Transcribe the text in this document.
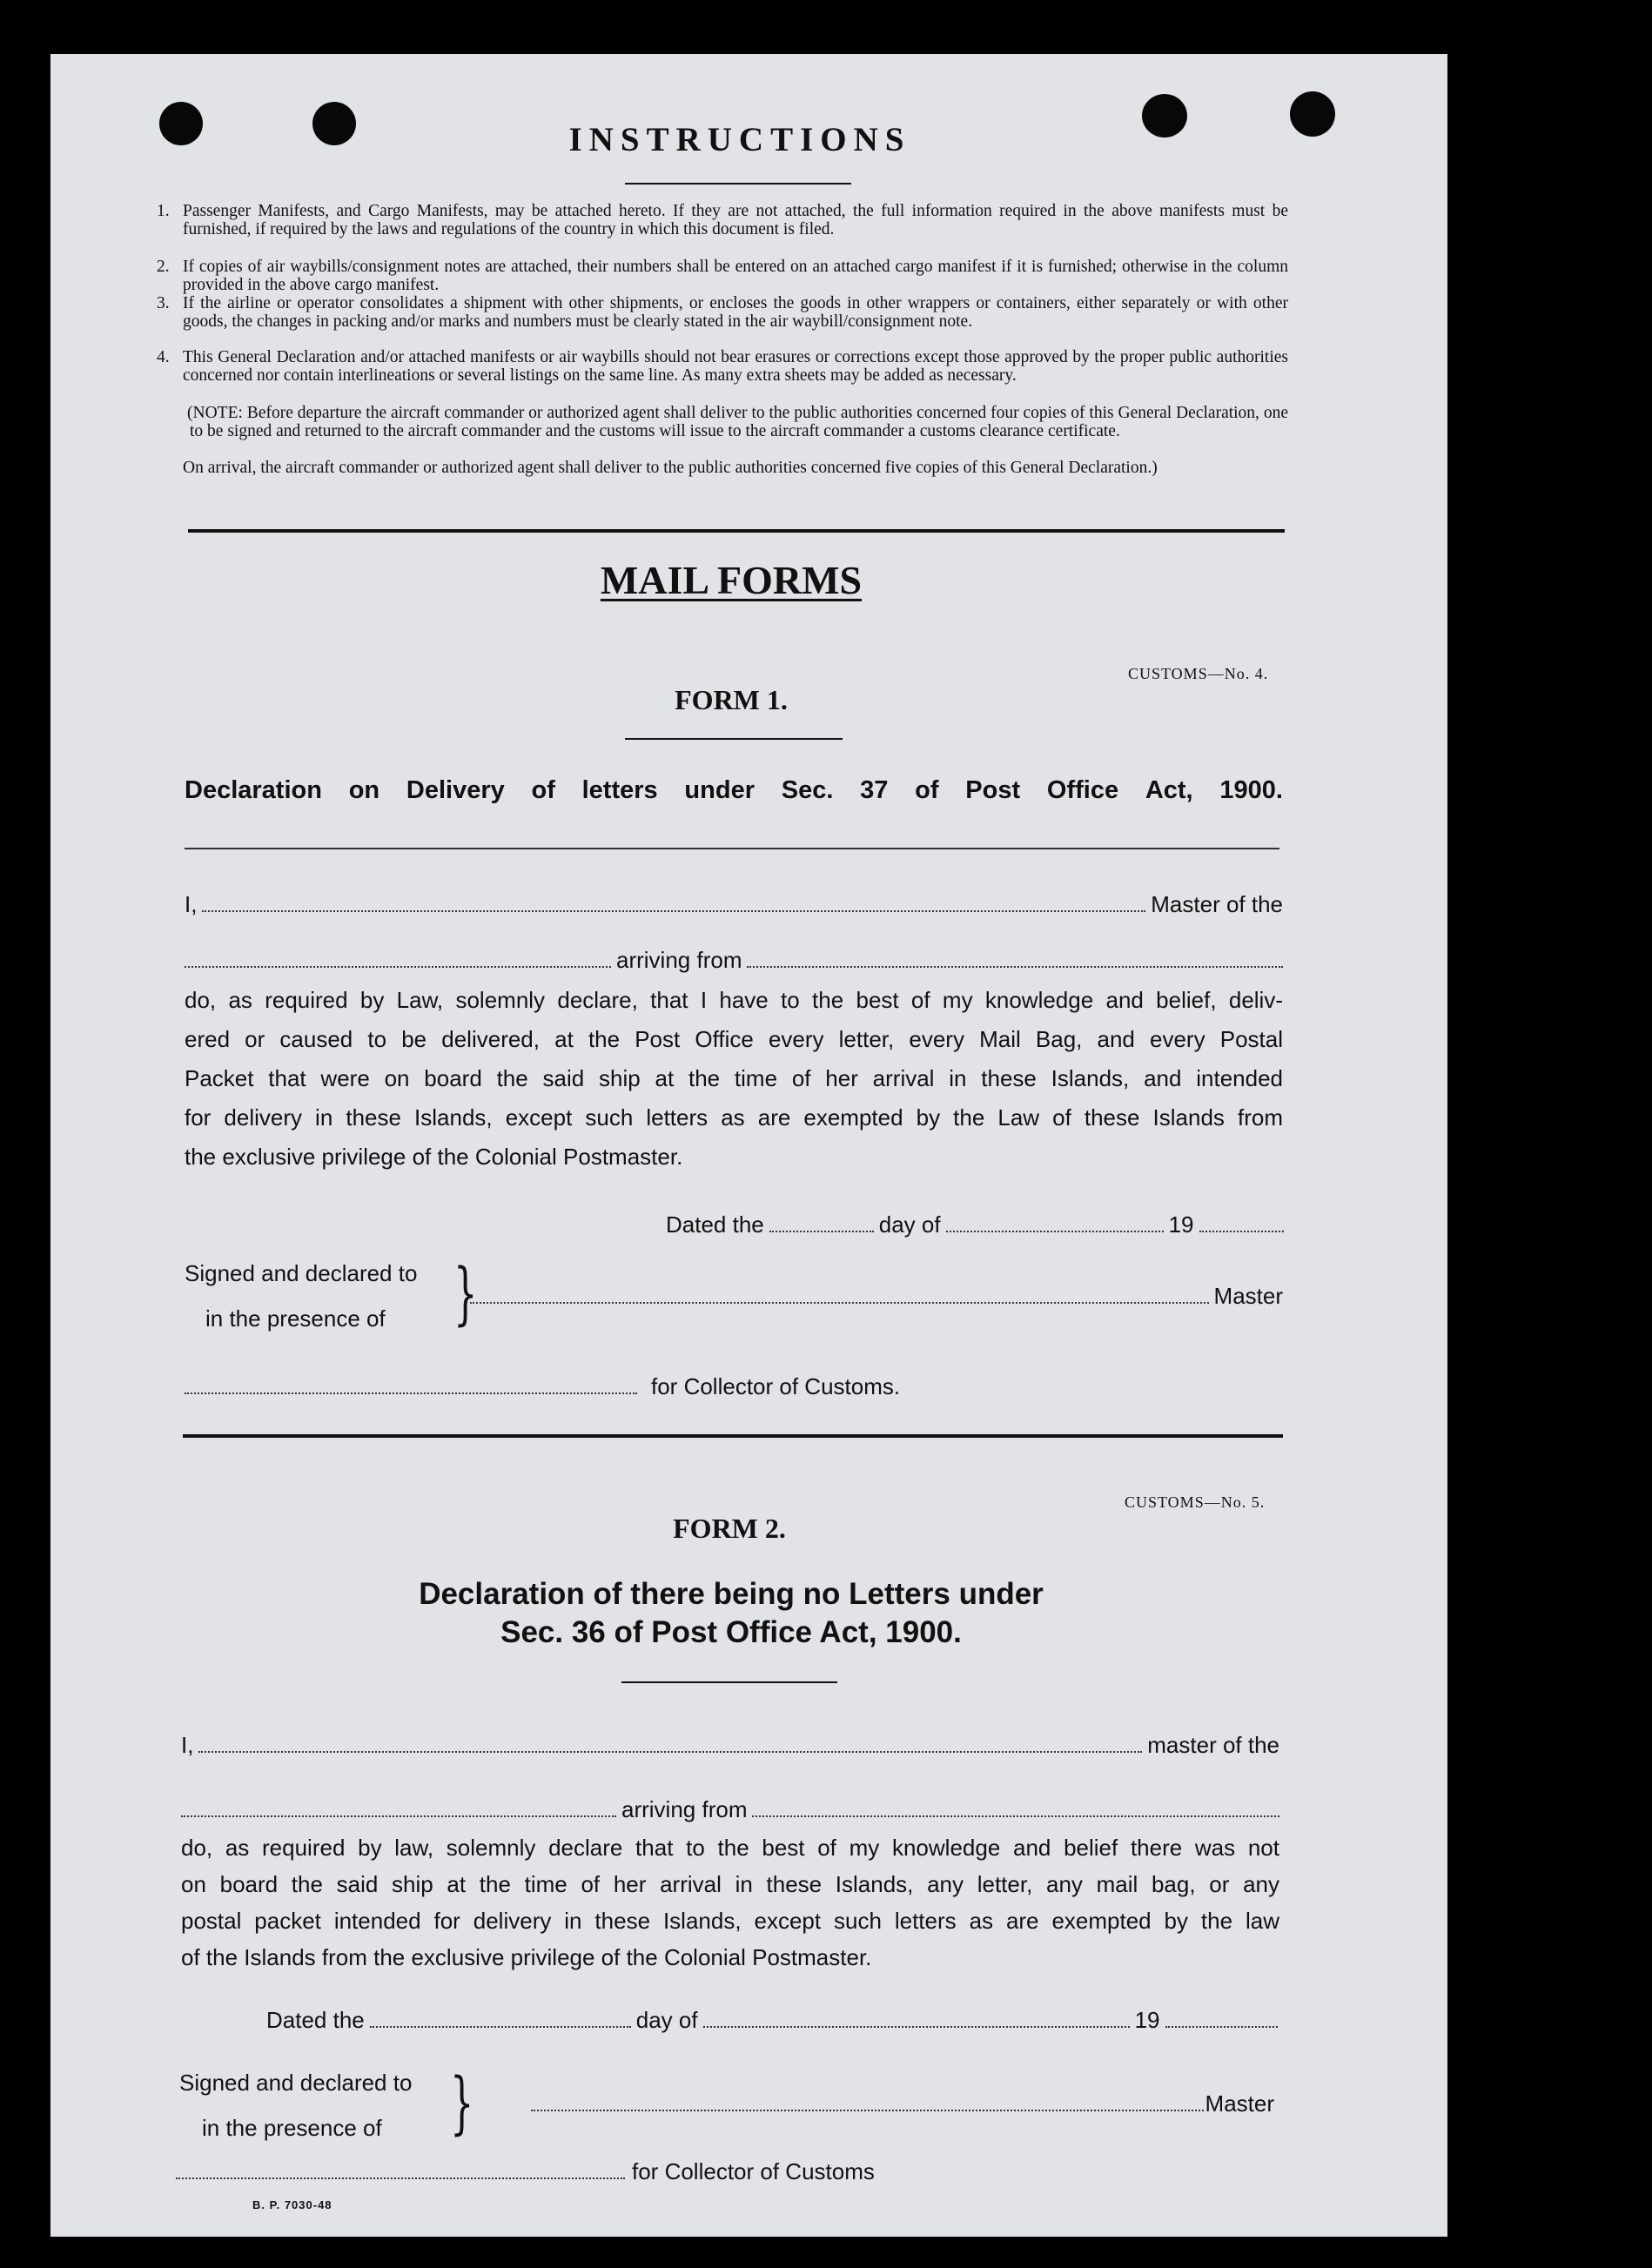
INSTRUCTIONS
1. Passenger Manifests, and Cargo Manifests, may be attached hereto. If they are not attached, the full information required in the above manifests must be furnished, if required by the laws and regulations of the country in which this document is filed.
2. If copies of air waybills/consignment notes are attached, their numbers shall be entered on an attached cargo manifest if it is furnished; otherwise in the column provided in the above cargo manifest.
3. If the airline or operator consolidates a shipment with other shipments, or encloses the goods in other wrappers or containers, either separately or with other goods, the changes in packing and/or marks and numbers must be clearly stated in the air waybill/consignment note.
4. This General Declaration and/or attached manifests or air waybills should not bear erasures or corrections except those approved by the proper public authorities concerned nor contain interlineations or several listings on the same line. As many extra sheets may be added as necessary.
(NOTE: Before departure the aircraft commander or authorized agent shall deliver to the public authorities concerned four copies of this General Declaration, one to be signed and returned to the aircraft commander and the customs will issue to the aircraft commander a customs clearance certificate.
On arrival, the aircraft commander or authorized agent shall deliver to the public authorities concerned five copies of this General Declaration.)
MAIL FORMS
CUSTOMS—No. 4.
FORM 1.
Declaration on Delivery of letters under Sec. 37 of Post Office Act, 1900.
I,	Master of the
arriving from
do, as required by Law, solemnly declare, that I have to the best of my knowledge and belief, deliv-
ered or caused to be delivered, at the Post Office every letter, every Mail Bag, and every Postal
Packet that were on board the said ship at the time of her arrival in these Islands, and intended
for delivery in these Islands, except such letters as are exempted by the Law of these Islands from
the exclusive privilege of the Colonial Postmaster.
Dated the	day of	19
Signed and declared to
in the presence of }	Master
for Collector of Customs.
CUSTOMS—No. 5.
FORM 2.
Declaration of there being no Letters under
Sec. 36 of Post Office Act, 1900.
I,	master of the
arriving from
do, as required by law, solemnly declare that to the best of my knowledge and belief there was not
on board the said ship at the time of her arrival in these Islands, any letter, any mail bag, or any
postal packet intended for delivery in these Islands, except such letters as are exempted by the law
of the Islands from the exclusive privilege of the Colonial Postmaster.
Dated the	day of	19
Signed and declared to
in the presence of }	Master
for Collector of Customs
B. P. 7030-48
